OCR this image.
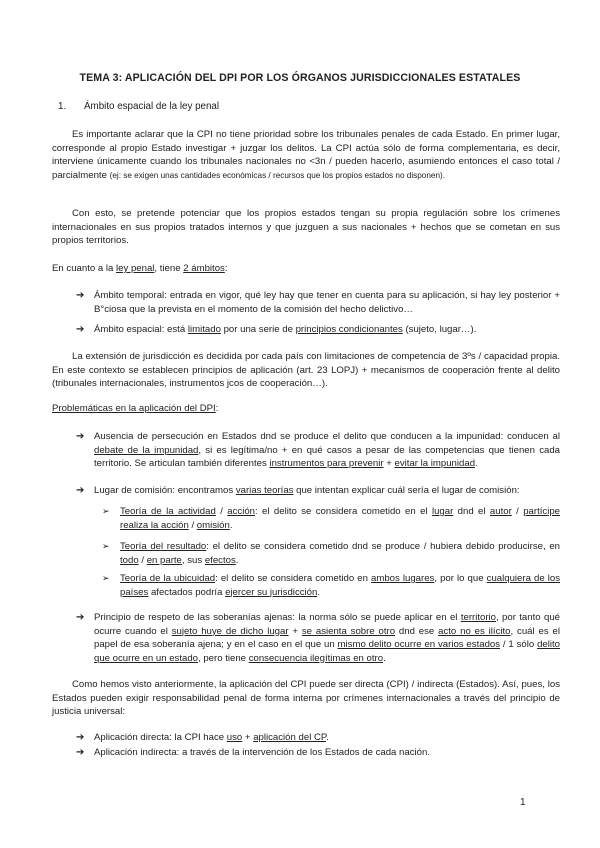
TEMA 3: APLICACIÓN DEL DPI POR LOS ÓRGANOS JURISDICCIONALES ESTATALES
1. Ámbito espacial de la ley penal
Es importante aclarar que la CPI no tiene prioridad sobre los tribunales penales de cada Estado. En primer lugar, corresponde al propio Estado investigar + juzgar los delitos. La CPI actúa sólo de forma complementaria, es decir, interviene únicamente cuando los tribunales nacionales no <3n / pueden hacerlo, asumiendo entonces el caso total / parcialmente (ej: se exigen unas cantidades económicas / recursos que los propios estados no disponen).
Con esto, se pretende potenciar que los propios estados tengan su propia regulación sobre los crímenes internacionales en sus propios tratados internos y que juzguen a sus nacionales + hechos que se cometan en sus propios territorios.
En cuanto a la ley penal, tiene 2 ámbitos:
➔ Ámbito temporal: entrada en vigor, qué ley hay que tener en cuenta para su aplicación, si hay ley posterior + B°ciosa que la prevista en el momento de la comisión del hecho delictivo…
➔ Ámbito espacial: está limitado por una serie de principios condicionantes (sujeto, lugar…).
La extensión de jurisdicción es decidida por cada país con limitaciones de competencia de 3ºs / capacidad propia. En este contexto se establecen principios de aplicación (art. 23 LOPJ) + mecanismos de cooperación frente al delito (tribunales internacionales, instrumentos jcos de cooperación…).
Problemáticas en la aplicación del DPI:
➔ Ausencia de persecución en Estados dnd se produce el delito que conducen a la impunidad: conducen al debate de la impunidad, si es legítima/no + en qué casos a pesar de las competencias que tienen cada territorio. Se articulan también diferentes instrumentos para prevenir + evitar la impunidad.
➔ Lugar de comisión: encontramos varias teorías que intentan explicar cuál sería el lugar de comisión:
➢ Teoría de la actividad / acción: el delito se considera cometido en el lugar dnd el autor / partícipe realiza la acción / omisión.
➢ Teoría del resultado: el delito se considera cometido dnd se produce / hubiera debido producirse, en todo / en parte, sus efectos.
➢ Teoría de la ubicuidad: el delito se considera cometido en ambos lugares, por lo que cualquiera de los países afectados podría ejercer su jurisdicción.
➔ Principio de respeto de las soberanías ajenas: la norma sólo se puede aplicar en el territorio, por tanto qué ocurre cuando el sujeto huye de dicho lugar + se asienta sobre otro dnd ese acto no es ilícito, cuál es el papel de esa soberanía ajena; y en el caso en el que un mismo delito ocurre en varios estados / 1 sólo delito que ocurre en un estado, pero tiene consecuencia ilegítimas en otro.
Como hemos visto anteriormente, la aplicación del CPI puede ser directa (CPI) / indirecta (Estados). Así, pues, los Estados pueden exigir responsabilidad penal de forma interna por crímenes internacionales a través del principio de justicia universal:
➔ Aplicación directa: la CPI hace uso + aplicación del CP.
➔ Aplicación indirecta: a través de la intervención de los Estados de cada nación.
1
